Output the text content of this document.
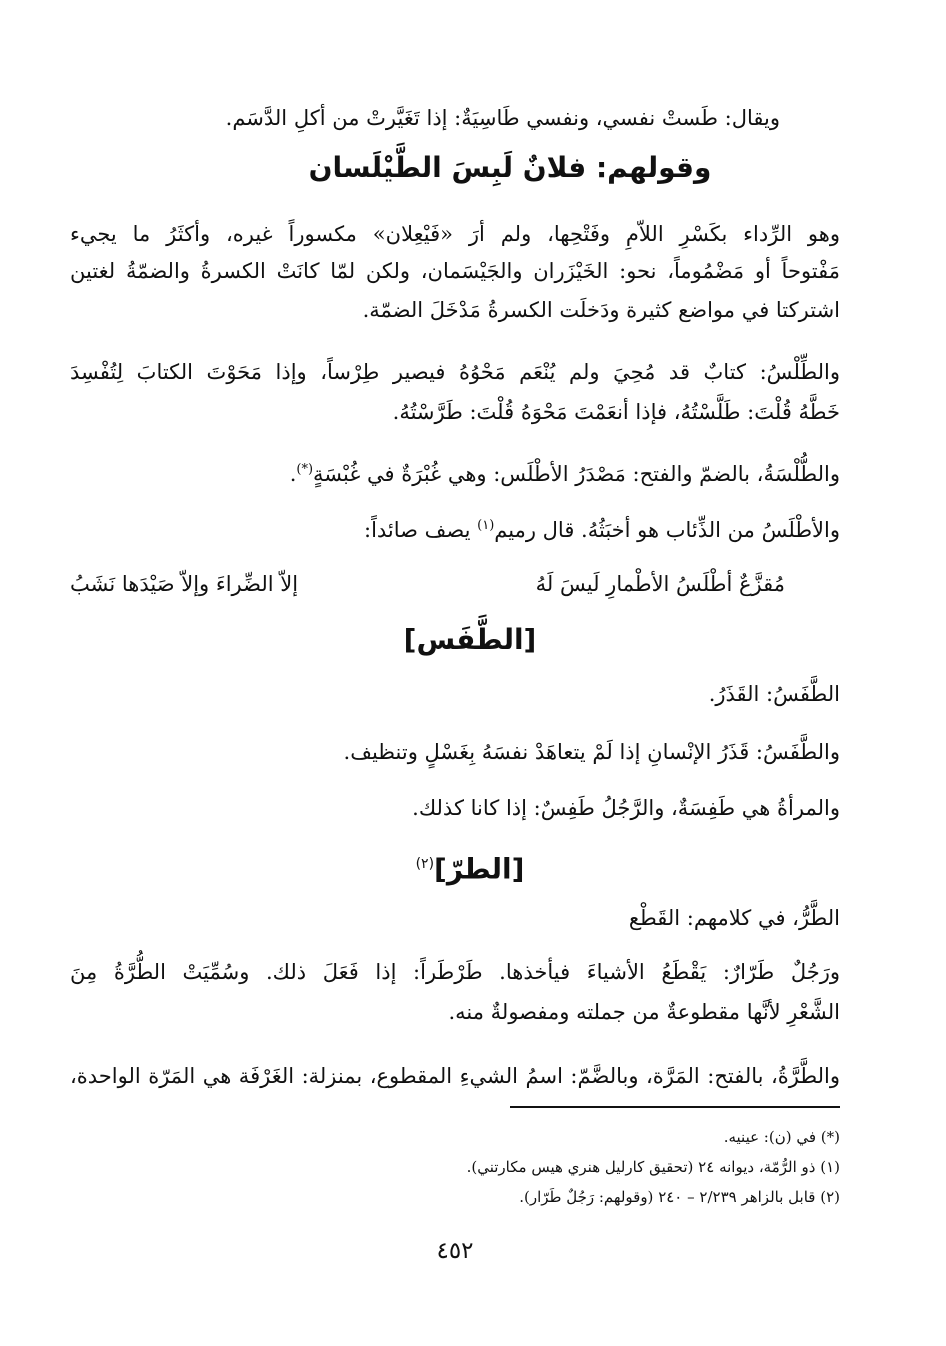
ويقال: طَستْ نفسي، ونفسي طَاسِيَةٌ: إذا تَغَيَّرتْ من أكلِ الدَّسَم.
وقولهم: فلانٌ لَبِسَ الطَّيْلَسان
وهو الرِّداء بكَسْرِ اللاّمِ وفَتْحِها، ولم أرَ «فَيْعِلان» مكسوراً غيره، وأكثَرُ ما يجيء
مَفْتوحاً أو مَضْمُوماً، نحو: الخَيْزَران والجَيْسَمان، ولكن لمّا كانَتْ الكسرةُ والضمّةُ لغتين
اشتركتا في مواضع كثيرة ودَخلَت الكسرةُ مَدْخَلَ الضمّة.
والطِّلْسُ: كتابٌ قد مُحِيَ ولم يُنْعَم مَحْوُهُ فيصير طِرْساً، وإذا مَحَوْتَ الكتابَ لِتُفْسِدَ
خَطَّهُ قُلْتَ: طَلَّسْتُهُ، فإذا أنعَمْتَ مَحْوَهُ قُلْتَ: طَرَّسْتُهُ.
والطُّلْسَةُ، بالضمّ والفتح: مَصْدَرُ الأطْلَس: وهي غُبْرَةٌ في غُبْسَةٍ(*).
والأطْلَسُ من الذِّئاب هو أخبَثُهُ. قال رميم$^{(١)}$ يصف صائداً:
مُقزَّعٌ أطْلَسُ الأطْمارِ لَيسَ لَهُ
إلاّ الضِّراءَ وإلاّ صَيْدَها نَشَبُ
[الطَّفَس]
الطَّفَسُ: القَذَرُ.
والطَّفَسُ: قَذَرُ الإنْسانِ إذا لَمْ يتعاهَدْ نفسَهُ بِغَسْلٍ وتنظيف.
والمرأةُ هي طَفِسَةٌ، والرَّجُلُ طَفِسٌ: إذا كانا كذلك.
[الطرّ]$^{(٢)}$
الطَّرُّ، في كلامهم: القَطْع
ورَجُلٌ طَرّارٌ: يَقْطَعُ الأشياءَ فيأخذها. طَرْطَراً: إذا فَعَلَ ذلك. وسُمِّيَتْ الطُّرَّةُ مِنَ
الشَّعْرِ لأنَّها مقطوعةٌ من جملته ومفصولةٌ منه.
والطَّرَّةُ، بالفتح: المَرَّة، وبالضَّمّ: اسمُ الشيءِ المقطوع، بمنزلة: الغَرْفَة هي المَرّة الواحدة،
(*) في (ن): عينيه.
(١) ذو الرُّمّة، ديوانه ٢٤ (تحقيق كارليل هنري هيس مكارتني).
(٢) قابل بالزاهر ٢/٢٣٩ – ٢٤٠ (وقولهم: رَجُلٌ طَرّار).
٤٥٢
